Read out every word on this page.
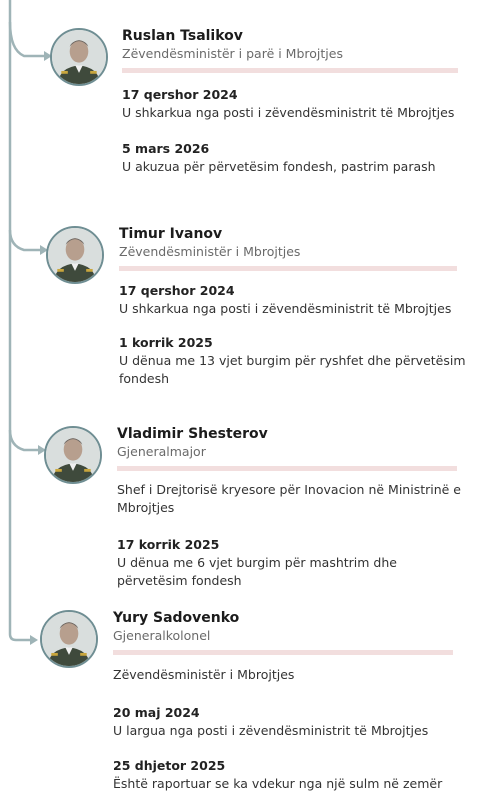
Ruslan Tsalikov
Zëvendësministër i parë i Mbrojtjes
17 qershor 2024
U shkarkua nga posti i zëvendësministrit të Mbrojtjes
5 mars 2026
U akuzua për përvetësim fondesh, pastrim parash
Timur Ivanov
Zëvendësministër i Mbrojtjes
17 qershor 2024
U shkarkua nga posti i zëvendësministrit të Mbrojtjes
1 korrik 2025
U dënua me 13 vjet burgim për ryshfet dhe përvetësim fondesh
Vladimir Shesterov
Gjeneralmajor
Shef i Drejtorisë kryesore për Inovacion në Ministrinë e Mbrojtjes
17 korrik 2025
U dënua me 6 vjet burgim për mashtrim dhe përvetësim fondesh
Yury Sadovenko
Gjeneralkolonel
Zëvendësministër i Mbrojtjes
20 maj 2024
U largua nga posti i zëvendësministrit të Mbrojtjes
25 dhjetor 2025
Është raportuar se ka vdekur nga një sulm në zemër
